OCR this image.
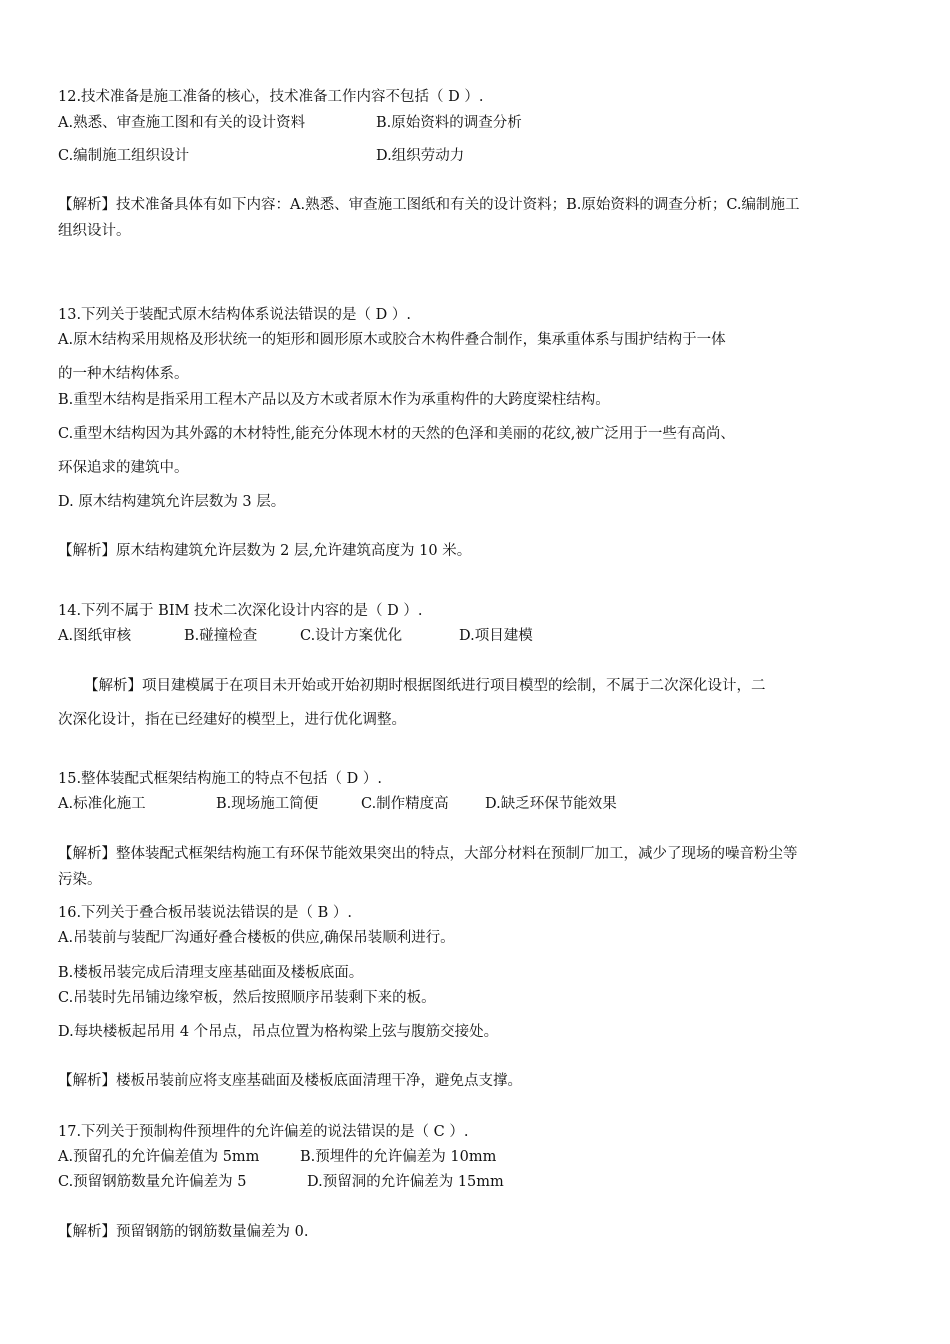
12.技术准备是施工准备的核心，技术准备工作内容不包括（ D ）.
A.熟悉、审查施工图和有关的设计资料	B.原始资料的调查分析
C.编制施工组织设计	D.组织劳动力
【解析】技术准备具体有如下内容：A.熟悉、审查施工图纸和有关的设计资料；B.原始资料的调查分析；C.编制施工
组织设计。
13.下列关于装配式原木结构体系说法错误的是（ D ）.
A.原木结构采用规格及形状统一的矩形和圆形原木或胶合木构件叠合制作，集承重体系与围护结构于一体
的一种木结构体系。
B.重型木结构是指采用工程木产品以及方木或者原木作为承重构件的大跨度梁柱结构。
C.重型木结构因为其外露的木材特性,能充分体现木材的天然的色泽和美丽的花纹,被广泛用于一些有高尚、
环保追求的建筑中。
D. 原木结构建筑允许层数为 3 层。
【解析】原木结构建筑允许层数为 2 层,允许建筑高度为 10 米。
14.下列不属于 BIM 技术二次深化设计内容的是（ D ）.
A.图纸审核	B.碰撞检查	C.设计方案优化	D.项目建模
【解析】项目建模属于在项目未开始或开始初期时根据图纸进行项目模型的绘制，不属于二次深化设计，二
次深化设计，指在已经建好的模型上，进行优化调整。
15.整体装配式框架结构施工的特点不包括（ D ）.
A.标准化施工	B.现场施工简便	C.制作精度高	D.缺乏环保节能效果
【解析】整体装配式框架结构施工有环保节能效果突出的特点，大部分材料在预制厂加工，减少了现场的噪音粉尘等
污染。
16.下列关于叠合板吊装说法错误的是（ B ）.
A.吊装前与装配厂沟通好叠合楼板的供应,确保吊装顺利进行。
B.楼板吊装完成后清理支座基础面及楼板底面。
C.吊装时先吊铺边缘窄板，然后按照顺序吊装剩下来的板。
D.每块楼板起吊用 4 个吊点，吊点位置为格构梁上弦与腹筋交接处。
【解析】楼板吊装前应将支座基础面及楼板底面清理干净，避免点支撑。
17.下列关于预制构件预埋件的允许偏差的说法错误的是（ C ）.
A.预留孔的允许偏差值为 5mm	B.预埋件的允许偏差为 10mm
C.预留钢筋数量允许偏差为 5	D.预留洞的允许偏差为 15mm
【解析】预留钢筋的钢筋数量偏差为 0.
